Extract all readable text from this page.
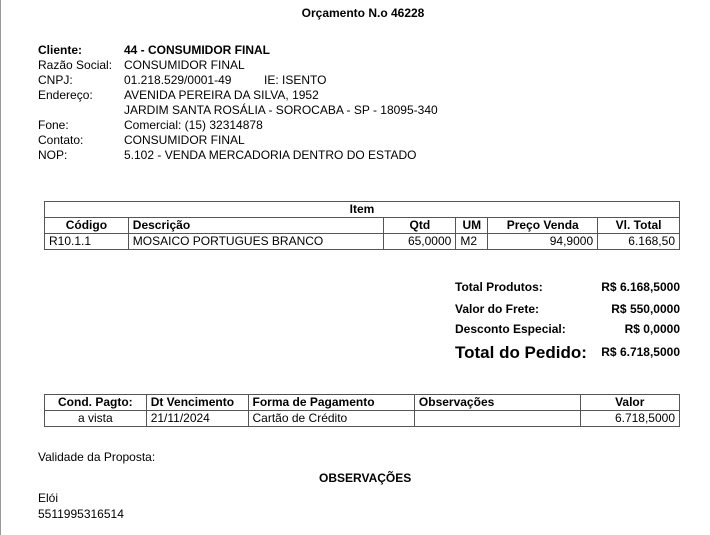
Orçamento N.o 46228
Cliente:	44 - CONSUMIDOR FINAL
Razão Social: CONSUMIDOR FINAL
CNPJ:	01.218.529/0001-49	IE: ISENTO
Endereço:	AVENIDA PEREIRA DA SILVA, 1952
JARDIM SANTA ROSÁLIA - SOROCABA - SP - 18095-340
Fone:	Comercial: (15) 32314878
Contato:	CONSUMIDOR FINAL
NOP:	5.102 - VENDA MERCADORIA DENTRO DO ESTADO
Item					
Código	Descrição	Qtd	UM	Preço Venda	Vl. Total
R10.1.1	MOSAICO PORTUGUES BRANCO	65,0000	M2	94,9000	6.168,50
Total Produtos:	R$ 6.168,5000
Valor do Frete:	R$ 550,0000
Desconto Especial:	R$ 0,0000
Total do Pedido: R$ 6.718,5000
Cond. Pagto:	Dt Vencimento	Forma de Pagamento	Observações	Valor
a vista	21/11/2024	Cartão de Crédito		6.718,5000
Validade da Proposta:
OBSERVAÇÕES
Elói
5511995316514
